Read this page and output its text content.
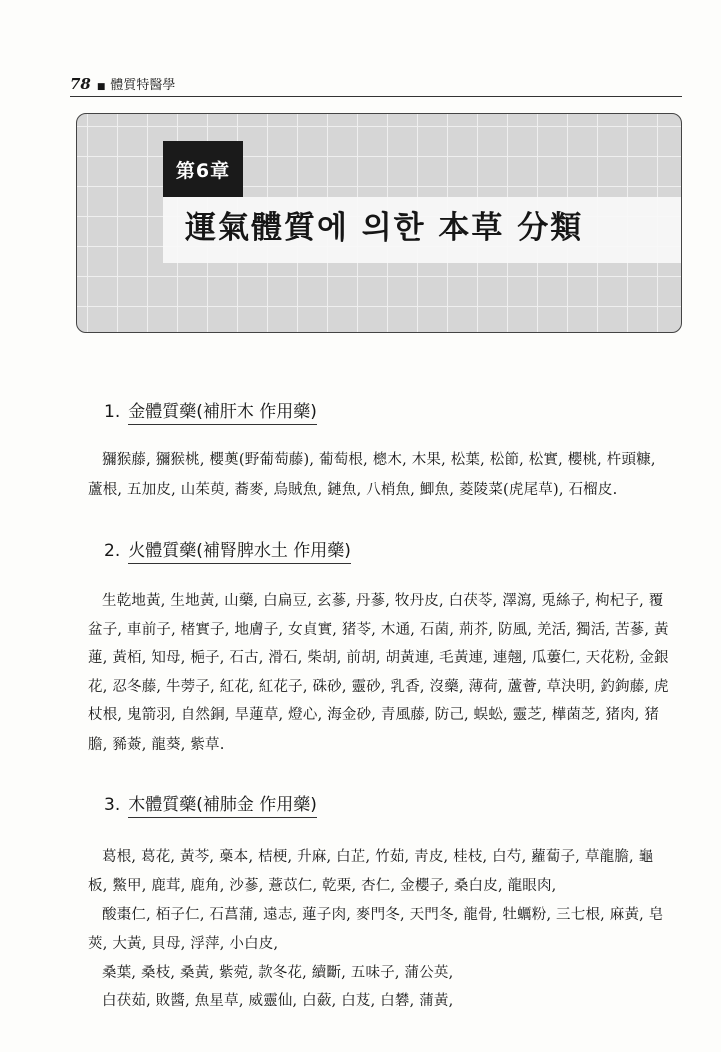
78 ■ 體質特醫學
第6章
運氣體質에 의한 本草 分類
1. 金體質藥(補肝木 作用藥)
獼猴藤, 獼猴桃, 櫻薁(野葡萄藤), 葡萄根, 樬木, 木果, 松葉, 松節, 松實, 櫻桃, 杵頭糠,
蘆根, 五加皮, 山茱萸, 蕎麥, 烏賊魚, 鏈魚, 八梢魚, 鯽魚, 菱陵菜(虎尾草), 石榴皮.
2. 火體質藥(補腎脾水土 作用藥)
生乾地黃, 生地黃, 山藥, 白扁豆, 玄蔘, 丹蔘, 牧丹皮, 白茯苓, 澤瀉, 兎絲子, 枸杞子, 覆
盆子, 車前子, 楮實子, 地膚子, 女貞實, 猪苓, 木通, 石菌, 荊芥, 防風, 羌活, 獨活, 苦蔘, 黃
蓮, 黃栢, 知母, 梔子, 石古, 滑石, 柴胡, 前胡, 胡黃連, 毛黃連, 連翹, 瓜蔞仁, 天花粉, 金銀
花, 忍冬藤, 牛蒡子, 紅花, 紅花子, 硃砂, 靈砂, 乳香, 沒藥, 薄荷, 蘆薈, 草決明, 釣鉤藤, 虎
杖根, 鬼箭羽, 自然銅, 旱蓮草, 燈心, 海金砂, 青風藤, 防己, 蜈蚣, 靈芝, 樺菌芝, 猪肉, 猪
膽, 豨薟, 龍葵, 紫草.
3. 木體質藥(補肺金 作用藥)
葛根, 葛花, 黃芩, 槀本, 桔梗, 升麻, 白芷, 竹茹, 靑皮, 桂枝, 白芍, 蘿蔔子, 草龍膽, 龜
板, 鱉甲, 鹿茸, 鹿角, 沙蔘, 薏苡仁, 乾栗, 杏仁, 金櫻子, 桑白皮, 龍眼肉,
酸棗仁, 栢子仁, 石菖蒲, 遠志, 蓮子肉, 麥門冬, 天門冬, 龍骨, 牡蠣粉, 三七根, 麻黃, 皂
莢, 大黃, 貝母, 浮萍, 小白皮,
桑葉, 桑枝, 桑黃, 紫菀, 款冬花, 續斷, 五味子, 蒲公英,
白茯茹, 敗醬, 魚星草, 威靈仙, 白蘞, 白芨, 白礬, 蒲黃,
